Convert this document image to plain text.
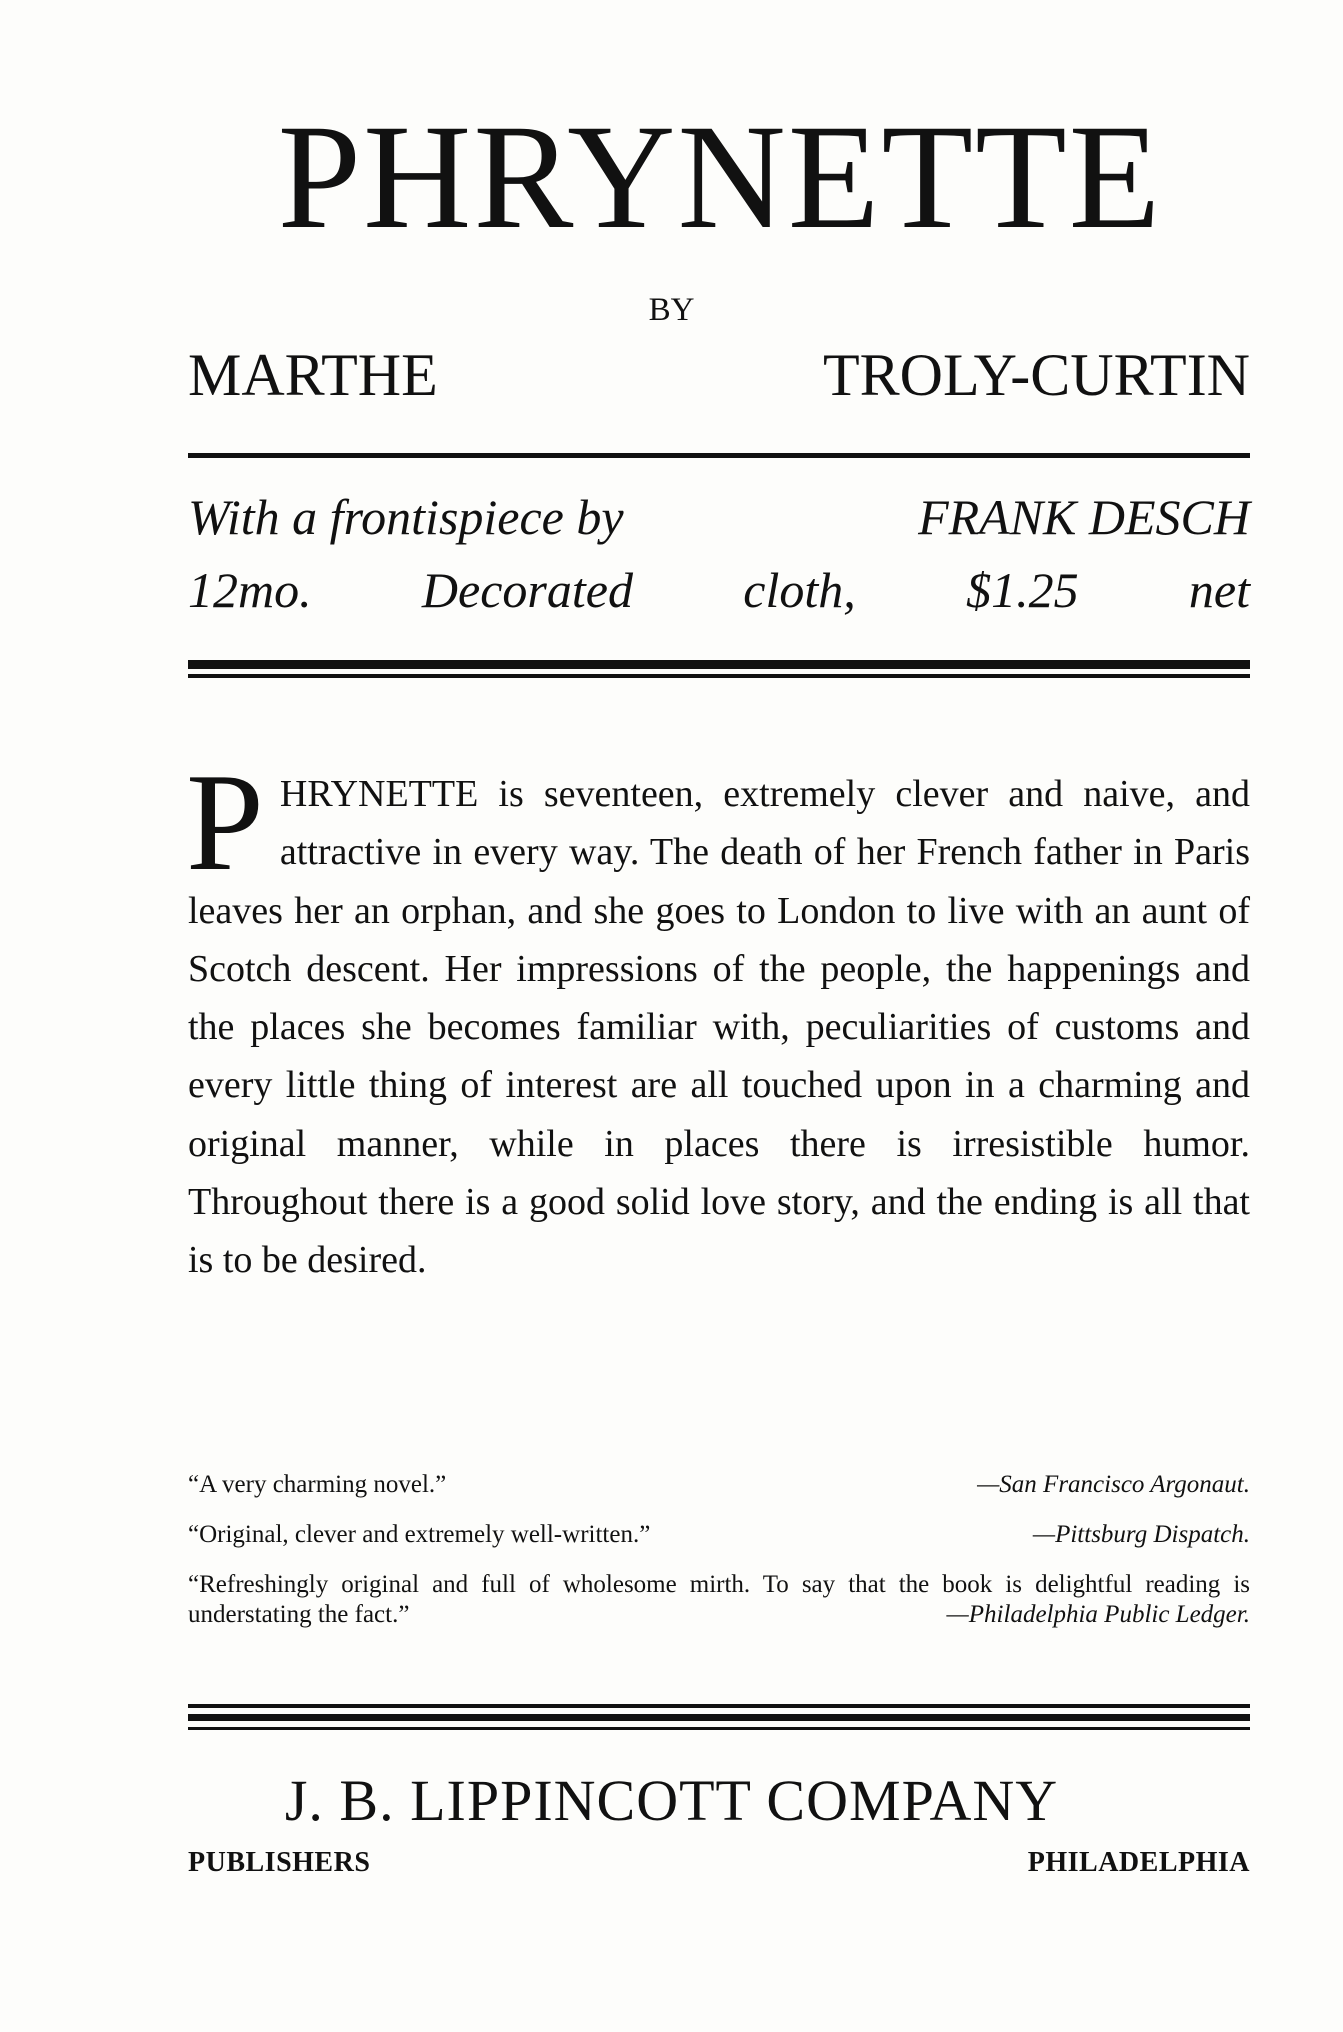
PHRYNETTE
BY
MARTHE	TROLY-CURTIN
With a frontispiece by	FRANK DESCH
12mo. Decorated cloth, $1.25 net
P HRYNETTE is seventeen, extremely clever and naive, and attractive in every way. The death of her French father in Paris leaves her an orphan, and she goes to London to live with an aunt of Scotch descent. Her impressions of the people, the happenings and the places she becomes familiar with, peculiarities of customs and every little thing of interest are all touched upon in a charming and original manner, while in places there is irresistible humor. Throughout there is a good solid love story, and the ending is all that is to be desired.
“A very charming novel.”	—San Francisco Argonaut.
“Original, clever and extremely well-written.”	—Pittsburg Dispatch.
“Refreshingly original and full of wholesome mirth. To say that the book is delightful reading is understating the fact.”	—Philadelphia Public Ledger.
J. B. LIPPINCOTT COMPANY
PUBLISHERS	PHILADELPHIA
